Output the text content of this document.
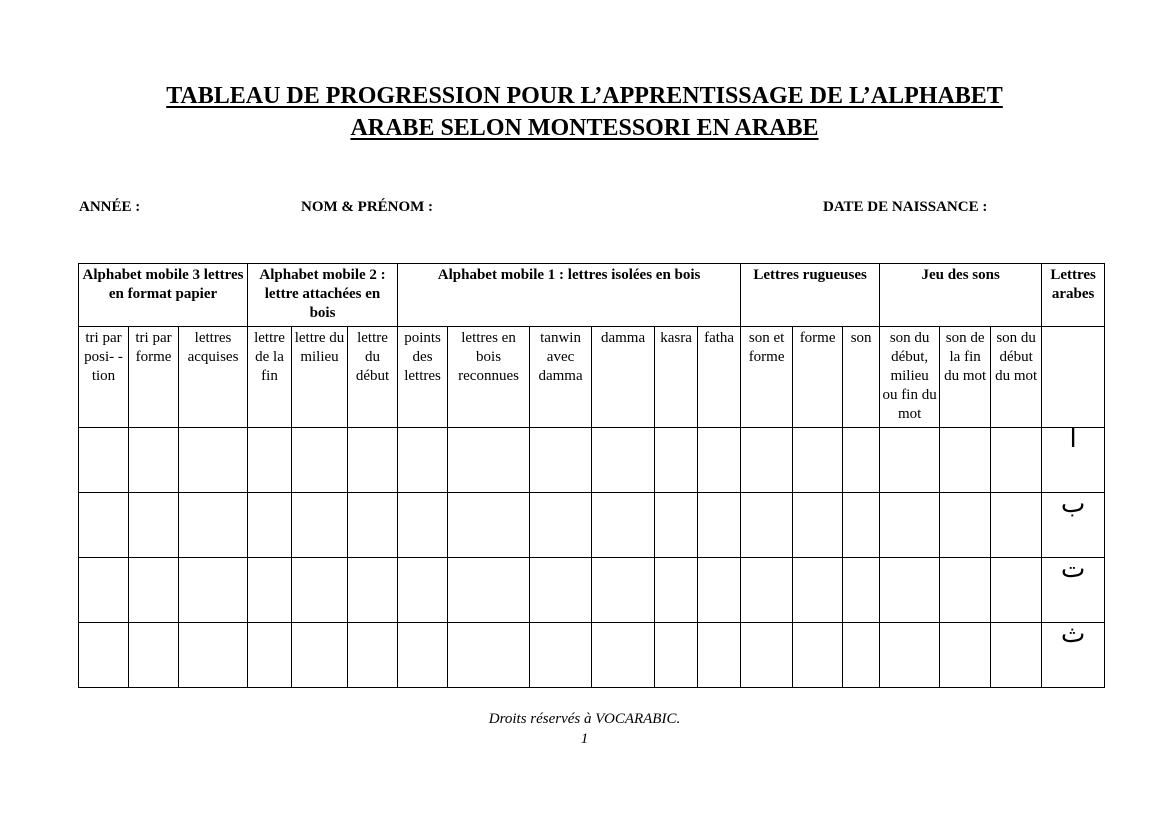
TABLEAU DE PROGRESSION POUR L’APPRENTISSAGE DE L’ALPHABET
ARABE SELON MONTESSORI EN ARABE
ANNÉE :	NOM & PRÉNOM :	DATE DE NAISSANCE :
Alphabet mobile 3 lettres en format papier			Alphabet mobile 2 : lettre attachées en bois			Alphabet mobile 1 : lettres isolées en bois						Lettres rugueuses			Jeu des sons			Lettres arabes
tri par posi- -tion	tri par forme	lettres acquises	lettre de la fin	lettre du milieu	lettre du début	points des lettres	lettres en bois reconnues	tanwin avec damma	damma	kasra	fatha	son et forme	forme	son	son du début, milieu ou fin du mot	son de la fin du mot	son du début du mot	
																		ا
																		ب
																		ت
																		ث
Droits réservés à VOCARABIC.
1
